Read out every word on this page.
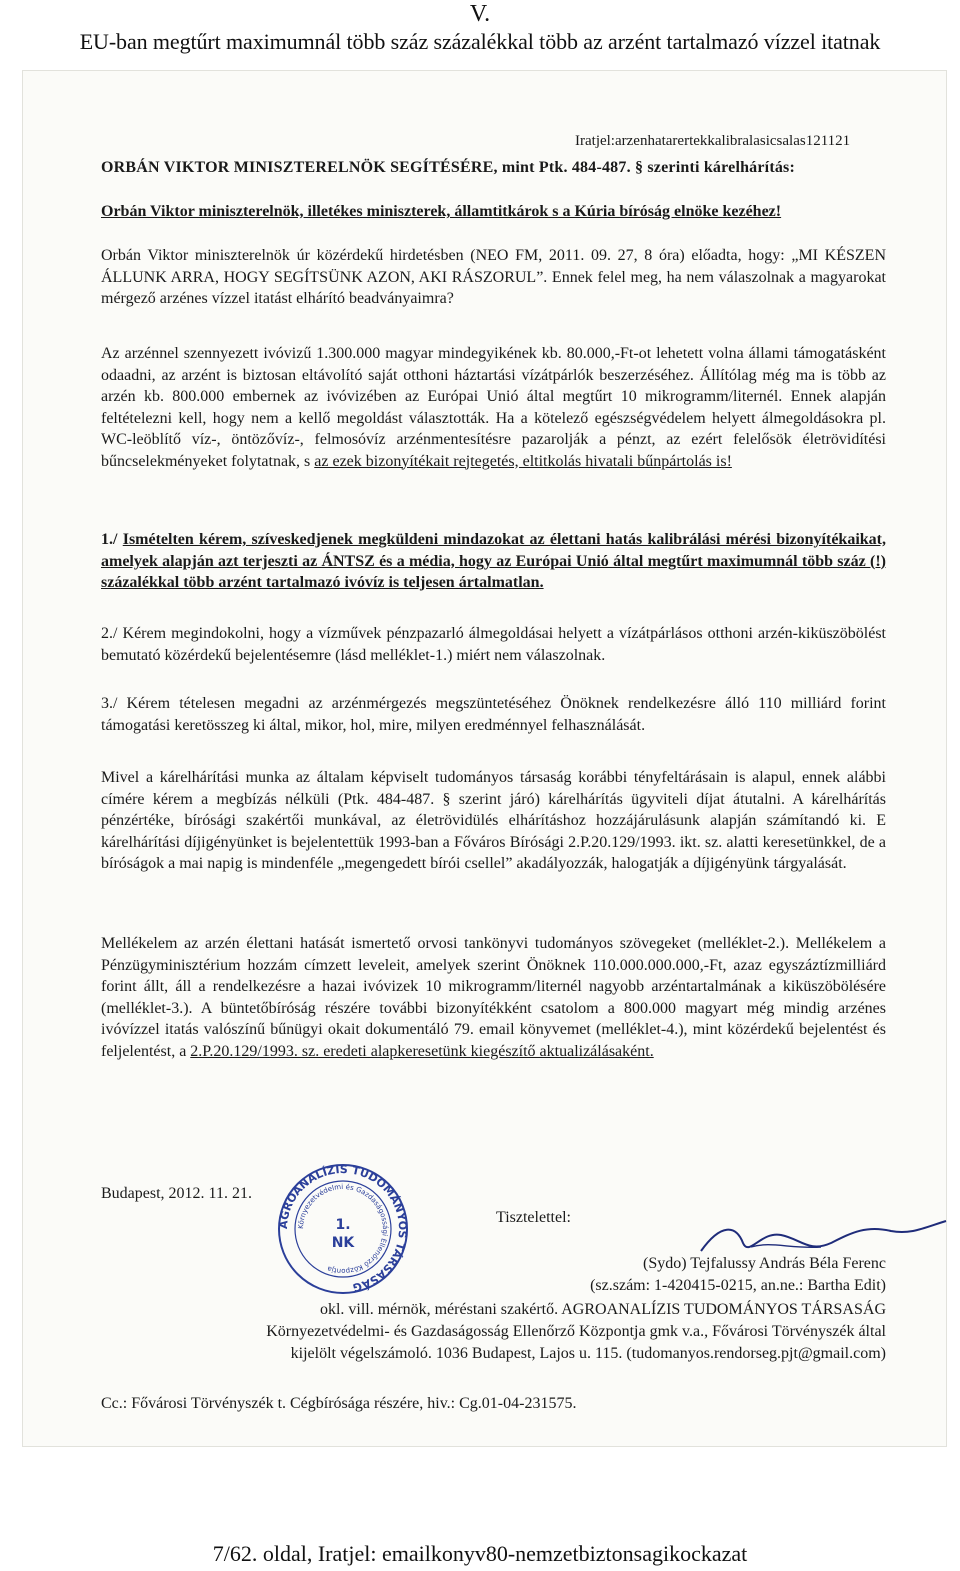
V.
EU-ban megtűrt maximumnál több száz százalékkal több az arzént tartalmazó vízzel itatnak
Iratjel:arzenhatarertekkalibralasicsalas121121
ORBÁN VIKTOR MINISZTERELNÖK SEGÍTÉSÉRE, mint Ptk. 484-487. § szerinti kárelhárítás:
Orbán Viktor miniszterelnök, illetékes miniszterek, államtitkárok s a Kúria bíróság elnöke kezéhez!

Orbán Viktor miniszterelnök úr közérdekű hirdetésben (NEO FM, 2011. 09. 27, 8 óra) előadta, hogy: „MI KÉSZEN ÁLLUNK ARRA, HOGY SEGÍTSÜNK AZON, AKI RÁSZORUL”. Ennek felel meg, ha nem válaszolnak a magyarokat mérgező arzénes vízzel itatást elhárító beadványaimra?

Az arzénnel szennyezett ivóvizű 1.300.000 magyar mindegyikének kb. 80.000,-Ft-ot lehetett volna állami támogatásként odaadni, az arzént is biztosan eltávolító saját otthoni háztartási vízátpárlók beszerzéséhez. Állítólag még ma is több az arzén kb. 800.000 embernek az ivóvizében az Európai Unió által megtűrt 10 mikrogramm/liternél. Ennek alapján feltételezni kell, hogy nem a kellő megoldást választották. Ha a kötelező egészségvédelem helyett álmegoldásokra pl. WC-leöblítő víz-, öntözővíz-, felmosóvíz arzénmentesítésre pazarolják a pénzt, az ezért felelősök életrövidítési bűncselekményeket folytatnak, s az ezek bizonyítékait rejtegetés, eltitkolás hivatali bűnpártolás is!

1./ Ismételten kérem, szíveskedjenek megküldeni mindazokat az élettani hatás kalibrálási mérési bizonyítékaikat, amelyek alapján azt terjeszti az ÁNTSZ és a média, hogy az Európai Unió által megtűrt maximumnál több száz (!) százalékkal több arzént tartalmazó ivóvíz is teljesen ártalmatlan.

2./ Kérem megindokolni, hogy a vízművek pénzpazarló álmegoldásai helyett a vízátpárlásos otthoni arzén-kiküszöbölést bemutató közérdekű bejelentésemre (lásd melléklet-1.) miért nem válaszolnak.

3./ Kérem tételesen megadni az arzénmérgezés megszüntetéséhez Önöknek rendelkezésre álló 110 milliárd forint támogatási keretösszeg ki által, mikor, hol, mire, milyen eredménnyel felhasználását.

Mivel a kárelhárítási munka az általam képviselt tudományos társaság korábbi tényfeltárásain is alapul, ennek alábbi címére kérem a megbízás nélküli (Ptk. 484-487. § szerint járó) kárelhárítás ügyviteli díjat átutalni. A kárelhárítás pénzértéke, bírósági szakértői munkával, az életrövidülés elhárításhoz hozzájárulásunk alapján számítandó ki. E kárelhárítási díjigényünket is bejelentettük 1993-ban a Főváros Bírósági 2.P.20.129/1993. ikt. sz. alatti keresetünkkel, de a bíróságok a mai napig is mindenféle „megengedett bírói csellel” akadályozzák, halogatják a díjigényünk tárgyalását.

Mellékelem az arzén élettani hatását ismertető orvosi tankönyvi tudományos szövegeket (melléklet-2.). Mellékelem a Pénzügyminisztérium hozzám címzett leveleit, amelyek szerint Önöknek 110.000.000.000,-Ft, azaz egyszáztízmilliárd forint állt, áll a rendelkezésre a hazai ivóvizek 10 mikrogramm/liternél nagyobb arzéntartalmának a kiküszöbölésére (melléklet-3.). A büntetőbíróság részére további bizonyítékként csatolom a 800.000 magyart még mindig arzénes ivóvízzel itatás valószínű bűnügyi okait dokumentáló 79. email könyvemet (melléklet-4.), mint közérdekű bejelentést és feljelentést, a 2.P.20.129/1993. sz. eredeti alapkeresetünk kiegészítő aktualizálásaként.

Budapest, 2012. 11. 21.
AGROANALÍZIS TUDOMÁNYOS TÁRSASÁG
Környezetvédelmi és Gazdaságossági Ellenőrző Központja
1.
NK
Tisztelettel:
(Sydo) Tejfalussy András Béla Ferenc
(sz.szám: 1-420415-0215, an.ne.: Bartha Edit)
okl. vill. mérnök, méréstani szakértő. AGROANALÍZIS TUDOMÁNYOS TÁRSASÁG
Környezetvédelmi- és Gazdaságosság Ellenőrző Központja gmk v.a., Fővárosi Törvényszék által
kijelölt végelszámoló. 1036 Budapest, Lajos u. 115. (tudomanyos.rendorseg.pjt@gmail.com)
Cc.: Fővárosi Törvényszék t. Cégbírósága részére, hiv.: Cg.01-04-231575.
7/62. oldal, Iratjel: emailkonyv80-nemzetbiztonsagikockazat
